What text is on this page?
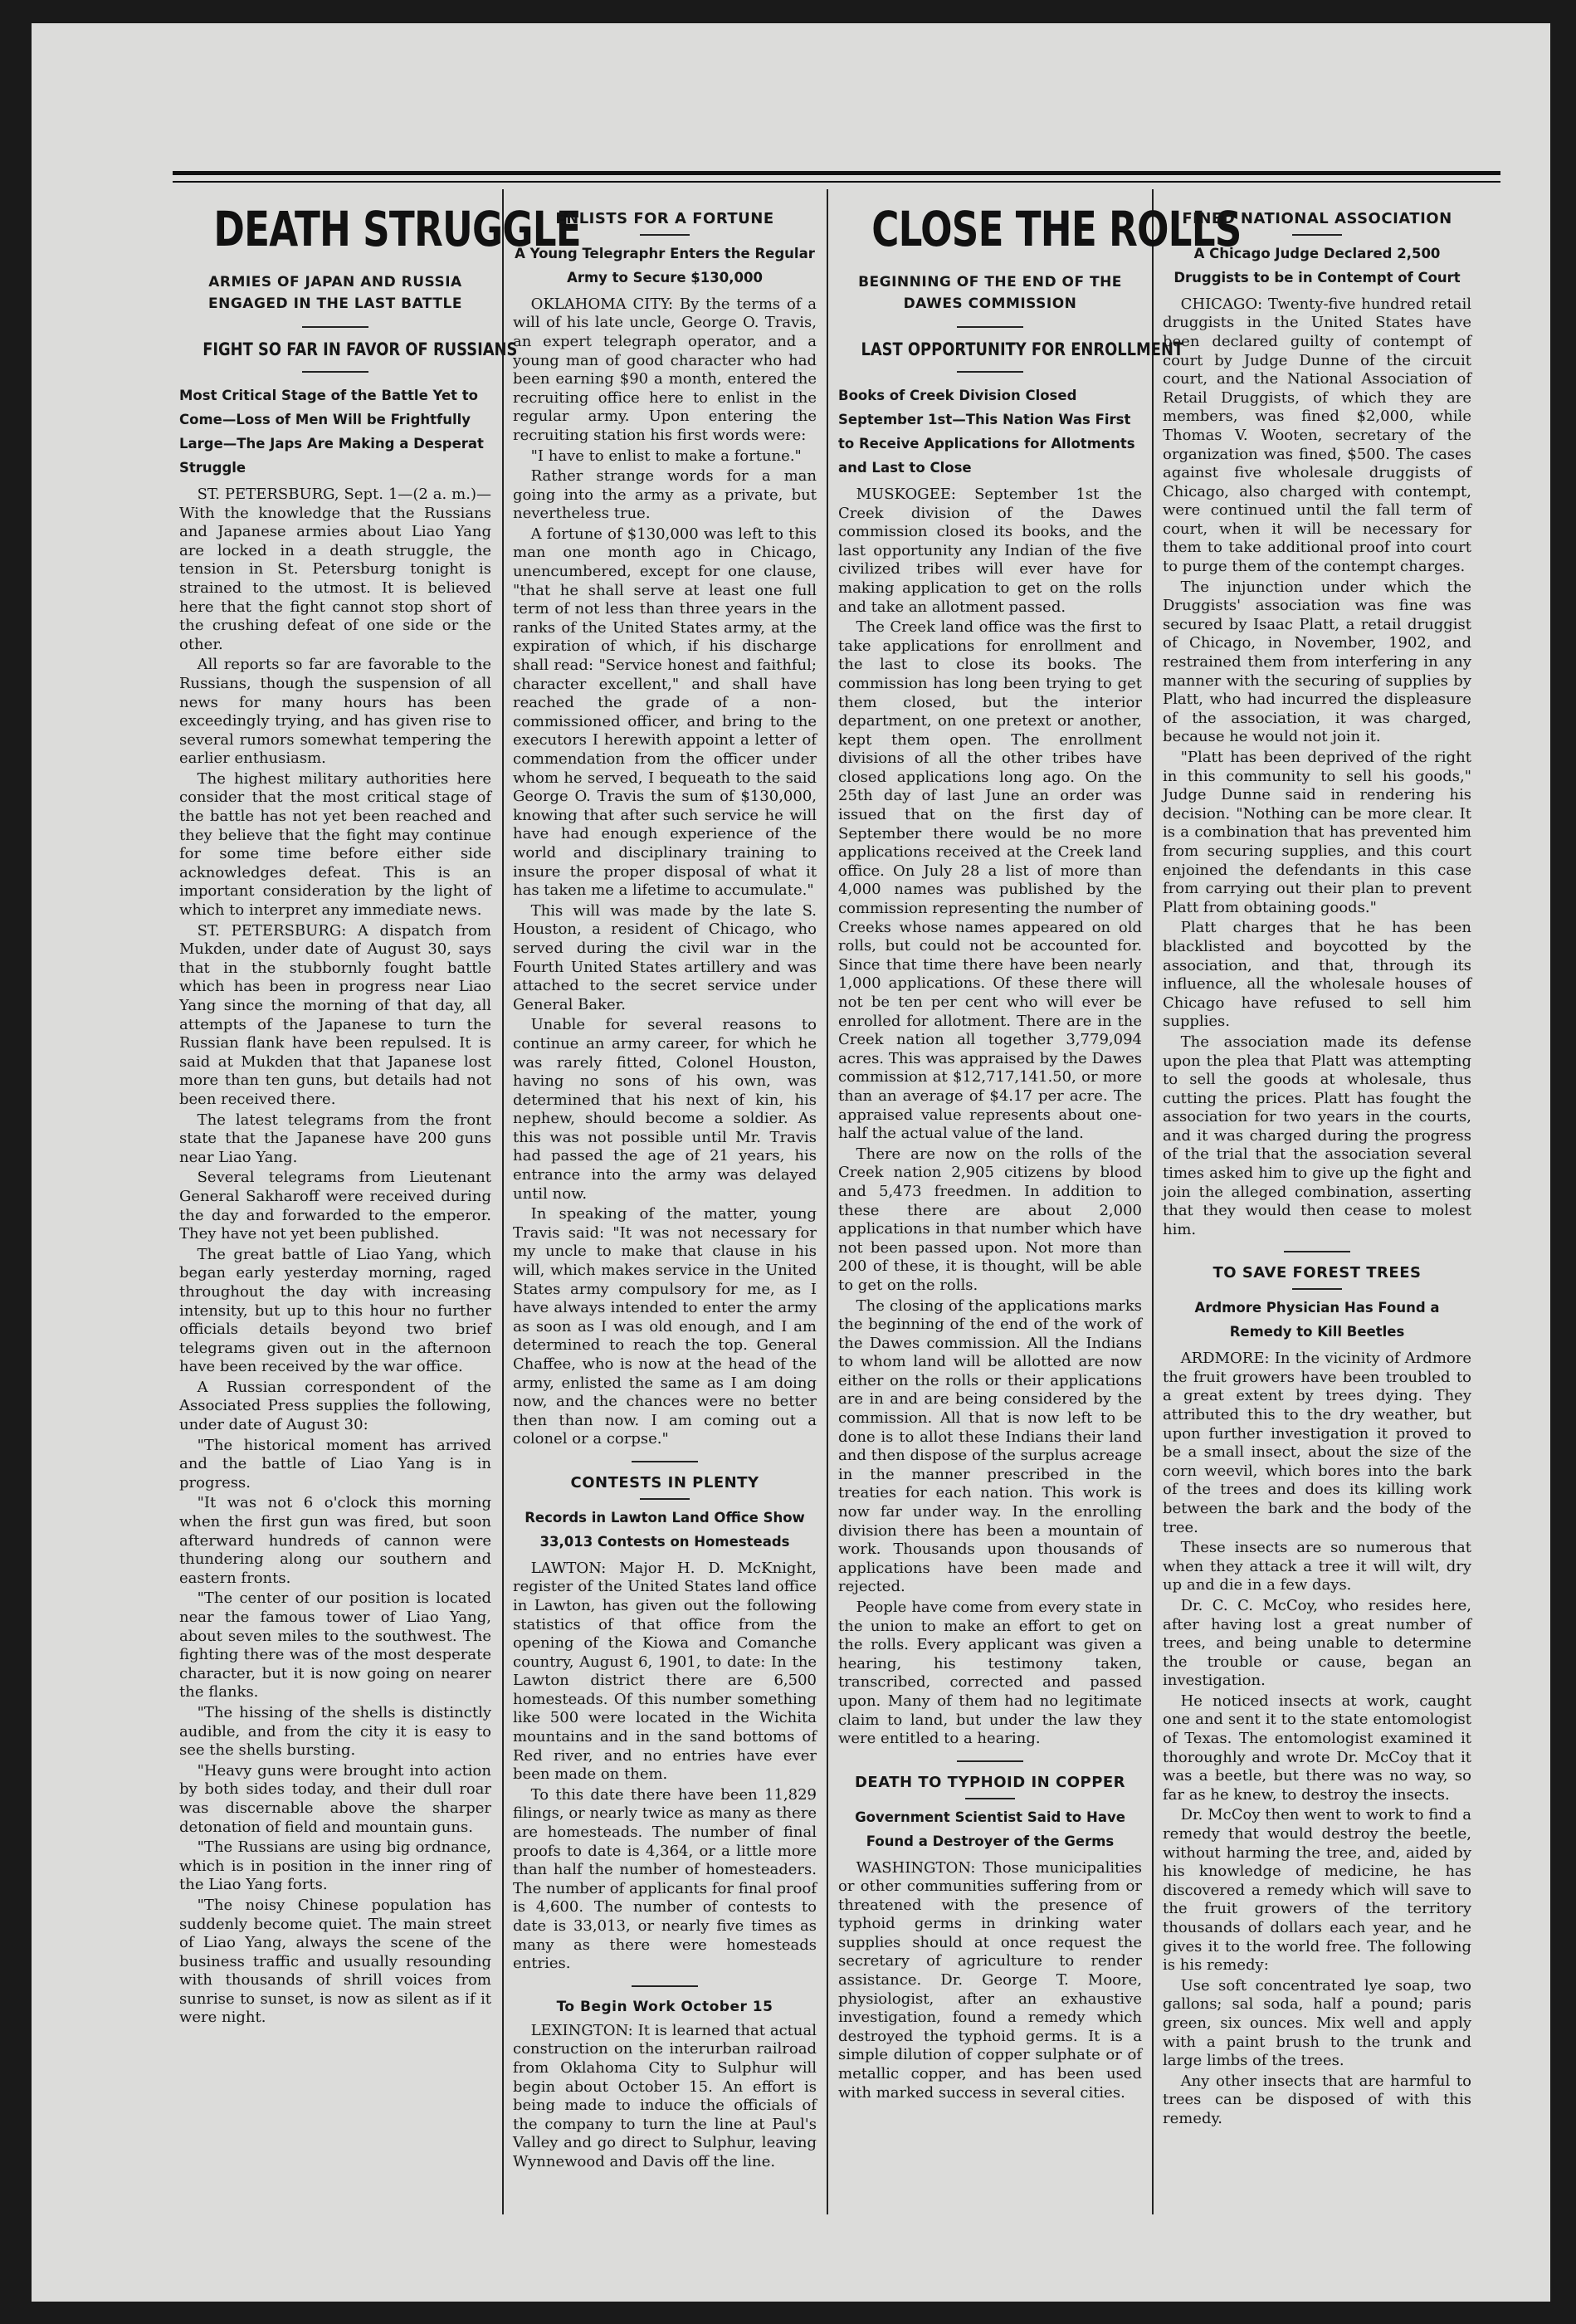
DEATH STRUGGLE
ARMIES OF JAPAN AND RUSSIA ENGAGED IN THE LAST BATTLE
FIGHT SO FAR IN FAVOR OF RUSSIANS
Most Critical Stage of the Battle Yet to Come—Loss of Men Will be Frightfully Large—The Japs Are Making a Desperat Struggle

ST. PETERSBURG, Sept. 1—(2 a. m.)—With the knowledge that the Russians and Japanese armies about Liao Yang are locked in a death struggle, the tension in St. Petersburg tonight is strained to the utmost. It is believed here that the fight cannot stop short of the crushing defeat of one side or the other.

All reports so far are favorable to the Russians, though the suspension of all news for many hours has been exceedingly trying, and has given rise to several rumors somewhat tempering the earlier enthusiasm.

The highest military authorities here consider that the most critical stage of the battle has not yet been reached and they believe that the fight may continue for some time before either side acknowledges defeat. This is an important consideration by the light of which to interpret any immediate news.

ST. PETERSBURG: A dispatch from Mukden, under date of August 30, says that in the stubbornly fought battle which has been in progress near Liao Yang since the morning of that day, all attempts of the Japanese to turn the Russian flank have been repulsed. It is said at Mukden that that Japanese lost more than ten guns, but details had not been received there.

The latest telegrams from the front state that the Japanese have 200 guns near Liao Yang.

Several telegrams from Lieutenant General Sakharoff were received during the day and forwarded to the emperor. They have not yet been published.

The great battle of Liao Yang, which began early yesterday morning, raged throughout the day with increasing intensity, but up to this hour no further officials details beyond two brief telegrams given out in the afternoon have been received by the war office.

A Russian correspondent of the Associated Press supplies the following, under date of August 30:

"The historical moment has arrived and the battle of Liao Yang is in progress.

"It was not 6 o'clock this morning when the first gun was fired, but soon afterward hundreds of cannon were thundering along our southern and eastern fronts.

"The center of our position is located near the famous tower of Liao Yang, about seven miles to the southwest. The fighting there was of the most desperate character, but it is now going on nearer the flanks.

"The hissing of the shells is distinctly audible, and from the city it is easy to see the shells bursting.

"Heavy guns were brought into action by both sides today, and their dull roar was discernable above the sharper detonation of field and mountain guns.

"The Russians are using big ordnance, which is in position in the inner ring of the Liao Yang forts.

"The noisy Chinese population has suddenly become quiet. The main street of Liao Yang, always the scene of the business traffic and usually resounding with thousands of shrill voices from sunrise to sunset, is now as silent as if it were night.

ENLISTS FOR A FORTUNE
A Young Telegraphr Enters the Regular Army to Secure $130,000

OKLAHOMA CITY: By the terms of a will of his late uncle, George O. Travis, an expert telegraph operator, and a young man of good character who had been earning $90 a month, entered the recruiting office here to enlist in the regular army. Upon entering the recruiting station his first words were:

"I have to enlist to make a fortune."

Rather strange words for a man going into the army as a private, but nevertheless true.

A fortune of $130,000 was left to this man one month ago in Chicago, unencumbered, except for one clause, "that he shall serve at least one full term of not less than three years in the ranks of the United States army, at the expiration of which, if his discharge shall read: "Service honest and faithful; character excellent," and shall have reached the grade of a non-commissioned officer, and bring to the executors I herewith appoint a letter of commendation from the officer under whom he served, I bequeath to the said George O. Travis the sum of $130,000, knowing that after such service he will have had enough experience of the world and disciplinary training to insure the proper disposal of what it has taken me a lifetime to accumulate."

This will was made by the late S. Houston, a resident of Chicago, who served during the civil war in the Fourth United States artillery and was attached to the secret service under General Baker.

Unable for several reasons to continue an army career, for which he was rarely fitted, Colonel Houston, having no sons of his own, was determined that his next of kin, his nephew, should become a soldier. As this was not possible until Mr. Travis had passed the age of 21 years, his entrance into the army was delayed until now.

In speaking of the matter, young Travis said: "It was not necessary for my uncle to make that clause in his will, which makes service in the United States army compulsory for me, as I have always intended to enter the army as soon as I was old enough, and I am determined to reach the top. General Chaffee, who is now at the head of the army, enlisted the same as I am doing now, and the chances were no better then than now. I am coming out a colonel or a corpse."

CONTESTS IN PLENTY
Records in Lawton Land Office Show 33,013 Contests on Homesteads

LAWTON: Major H. D. McKnight, register of the United States land office in Lawton, has given out the following statistics of that office from the opening of the Kiowa and Comanche country, August 6, 1901, to date: In the Lawton district there are 6,500 homesteads. Of this number something like 500 were located in the Wichita mountains and in the sand bottoms of Red river, and no entries have ever been made on them.

To this date there have been 11,829 filings, or nearly twice as many as there are homesteads. The number of final proofs to date is 4,364, or a little more than half the number of homesteaders. The number of applicants for final proof is 4,600. The number of contests to date is 33,013, or nearly five times as many as there were homesteads entries.

To Begin Work October 15

LEXINGTON: It is learned that actual construction on the interurban railroad from Oklahoma City to Sulphur will begin about October 15. An effort is being made to induce the officials of the company to turn the line at Paul's Valley and go direct to Sulphur, leaving Wynnewood and Davis off the line.

CLOSE THE ROLLS
BEGINNING OF THE END OF THE DAWES COMMISSION
LAST OPPORTUNITY FOR ENROLLMENT
Books of Creek Division Closed September 1st—This Nation Was First to Receive Applications for Allotments and Last to Close

MUSKOGEE: September 1st the Creek division of the Dawes commission closed its books, and the last opportunity any Indian of the five civilized tribes will ever have for making application to get on the rolls and take an allotment passed.

The Creek land office was the first to take applications for enrollment and the last to close its books. The commission has long been trying to get them closed, but the interior department, on one pretext or another, kept them open. The enrollment divisions of all the other tribes have closed applications long ago. On the 25th day of last June an order was issued that on the first day of September there would be no more applications received at the Creek land office. On July 28 a list of more than 4,000 names was published by the commission representing the number of Creeks whose names appeared on old rolls, but could not be accounted for. Since that time there have been nearly 1,000 applications. Of these there will not be ten per cent who will ever be enrolled for allotment. There are in the Creek nation all together 3,779,094 acres. This was appraised by the Dawes commission at $12,717,141.50, or more than an average of $4.17 per acre. The appraised value represents about one-half the actual value of the land.

There are now on the rolls of the Creek nation 2,905 citizens by blood and 5,473 freedmen. In addition to these there are about 2,000 applications in that number which have not been passed upon. Not more than 200 of these, it is thought, will be able to get on the rolls.

The closing of the applications marks the beginning of the end of the work of the Dawes commission. All the Indians to whom land will be allotted are now either on the rolls or their applications are in and are being considered by the commission. All that is now left to be done is to allot these Indians their land and then dispose of the surplus acreage in the manner prescribed in the treaties for each nation. This work is now far under way. In the enrolling division there has been a mountain of work. Thousands upon thousands of applications have been made and rejected.

People have come from every state in the union to make an effort to get on the rolls. Every applicant was given a hearing, his testimony taken, transcribed, corrected and passed upon. Many of them had no legitimate claim to land, but under the law they were entitled to a hearing.

DEATH TO TYPHOID IN COPPER
Government Scientist Said to Have Found a Destroyer of the Germs

WASHINGTON: Those municipalities or other communities suffering from or threatened with the presence of typhoid germs in drinking water supplies should at once request the secretary of agriculture to render assistance. Dr. George T. Moore, physiologist, after an exhaustive investigation, found a remedy which destroyed the typhoid germs. It is a simple dilution of copper sulphate or of metallic copper, and has been used with marked success in several cities.

FINED NATIONAL ASSOCIATION
A Chicago Judge Declared 2,500 Druggists to be in Contempt of Court

CHICAGO: Twenty-five hundred retail druggists in the United States have been declared guilty of contempt of court by Judge Dunne of the circuit court, and the National Association of Retail Druggists, of which they are members, was fined $2,000, while Thomas V. Wooten, secretary of the organization was fined, $500. The cases against five wholesale druggists of Chicago, also charged with contempt, were continued until the fall term of court, when it will be necessary for them to take additional proof into court to purge them of the contempt charges.

The injunction under which the Druggists' association was fine was secured by Isaac Platt, a retail druggist of Chicago, in November, 1902, and restrained them from interfering in any manner with the securing of supplies by Platt, who had incurred the displeasure of the association, it was charged, because he would not join it.

"Platt has been deprived of the right in this community to sell his goods," Judge Dunne said in rendering his decision. "Nothing can be more clear. It is a combination that has prevented him from securing supplies, and this court enjoined the defendants in this case from carrying out their plan to prevent Platt from obtaining goods."

Platt charges that he has been blacklisted and boycotted by the association, and that, through its influence, all the wholesale houses of Chicago have refused to sell him supplies.

The association made its defense upon the plea that Platt was attempting to sell the goods at wholesale, thus cutting the prices. Platt has fought the association for two years in the courts, and it was charged during the progress of the trial that the association several times asked him to give up the fight and join the alleged combination, asserting that they would then cease to molest him.

TO SAVE FOREST TREES
Ardmore Physician Has Found a Remedy to Kill Beetles

ARDMORE: In the vicinity of Ardmore the fruit growers have been troubled to a great extent by trees dying. They attributed this to the dry weather, but upon further investigation it proved to be a small insect, about the size of the corn weevil, which bores into the bark of the trees and does its killing work between the bark and the body of the tree.

These insects are so numerous that when they attack a tree it will wilt, dry up and die in a few days.

Dr. C. C. McCoy, who resides here, after having lost a great number of trees, and being unable to determine the trouble or cause, began an investigation.

He noticed insects at work, caught one and sent it to the state entomologist of Texas. The entomologist examined it thoroughly and wrote Dr. McCoy that it was a beetle, but there was no way, so far as he knew, to destroy the insects.

Dr. McCoy then went to work to find a remedy that would destroy the beetle, without harming the tree, and, aided by his knowledge of medicine, he has discovered a remedy which will save to the fruit growers of the territory thousands of dollars each year, and he gives it to the world free. The following is his remedy:

Use soft concentrated lye soap, two gallons; sal soda, half a pound; paris green, six ounces. Mix well and apply with a paint brush to the trunk and large limbs of the trees.

Any other insects that are harmful to trees can be disposed of with this remedy.
